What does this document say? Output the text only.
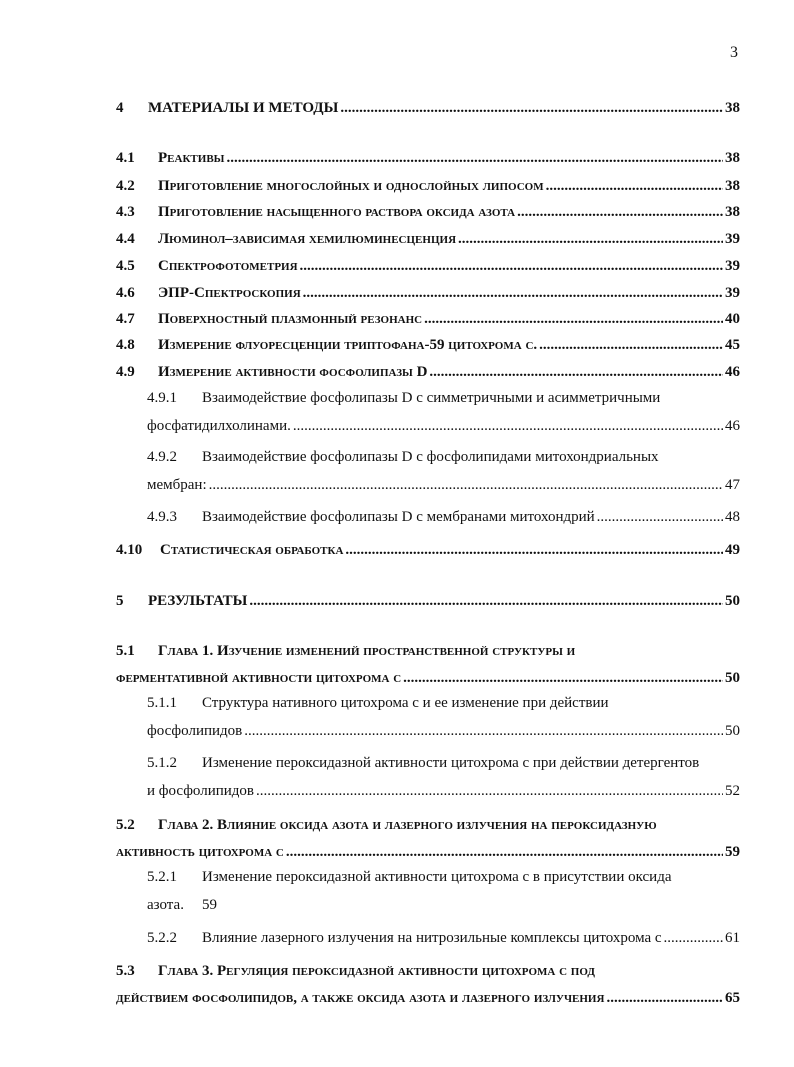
3
4 МАТЕРИАЛЫ И МЕТОДЫ .....	38
4.1 Реактивы .....	38
4.2 Приготовление многослойных и однослойных липосом .....	38
4.3 Приготовление насыщенного раствора оксида азота .....	38
4.4 Люминол–зависимая хемилюминесценция .....	39
4.5 Спектрофотометрия .....	39
4.6 ЭПР-Спектроскопия .....	39
4.7 Поверхностный плазмонный резонанс .....	40
4.8 Измерение флуоресценции триптофана-59 цитохрома с. .....	45
4.9 Измерение активности фосфолипазы D .....	46
4.9.1 Взаимодействие фосфолипазы D с симметричными и асимметричными
фосфатидилхолинами. .....	46
4.9.2 Взаимодействие фосфолипазы D с фосфолипидами митохондриальных
мембран: .....	47
4.9.3 Взаимодействие фосфолипазы D с мембранами митохондрий .....	48
4.10 Статистическая обработка .....	49
5 РЕЗУЛЬТАТЫ .....	50
5.1 Глава 1. Изучение изменений пространственной структуры и
ферментативной активности цитохрома c .....	50
5.1.1 Структура нативного цитохрома с и ее изменение при действии
фосфолипидов .....	50
5.1.2 Изменение пероксидазной активности цитохрома с при действии детергентов
и фосфолипидов .....	52
5.2 Глава 2. Влияние оксида азота и лазерного излучения на пероксидазную
активность цитохрома c .....	59
5.2.1 Изменение пероксидазной активности цитохрома с в присутствии оксида
азота. 59
5.2.2 Влияние лазерного излучения на нитрозильные комплексы цитохрома с .....	61
5.3 Глава 3. Регуляция пероксидазной активности цитохрома c под
действием фосфолипидов, а также оксида азота и лазерного излучения .....	65
